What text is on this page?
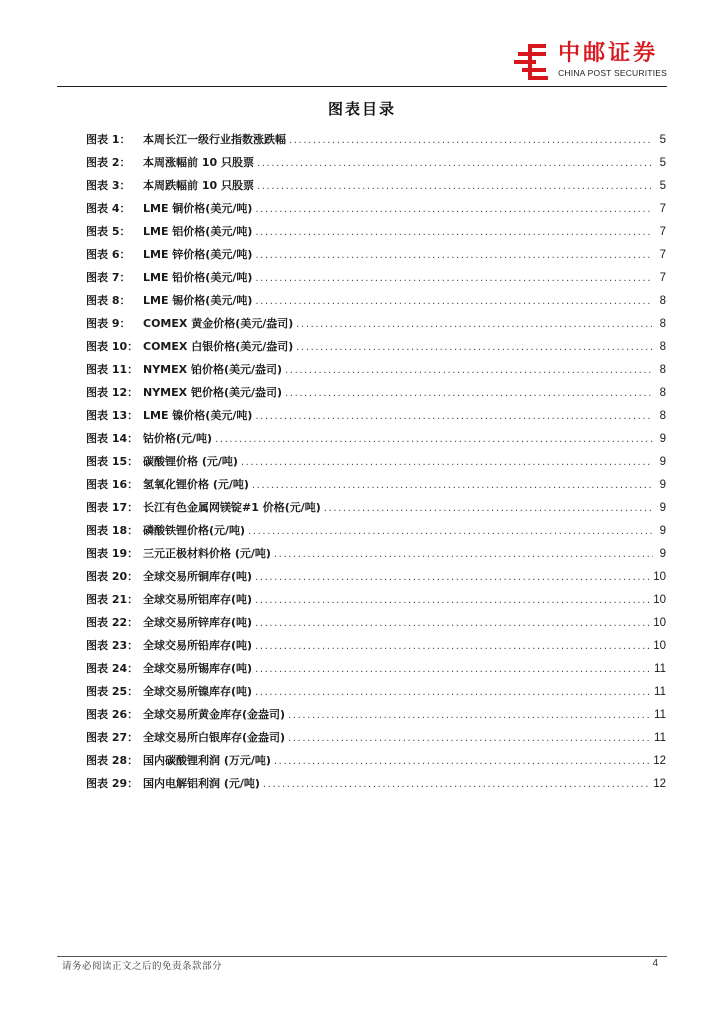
中邮证券
CHINA POST SECURITIES
图表目录
图表 1：	本周长江一级行业指数涨跌幅 .....	5
图表 2：	本周涨幅前 10 只股票 .....	5
图表 3：	本周跌幅前 10 只股票 .....	5
图表 4：	LME 铜价格(美元/吨) .....	7
图表 5：	LME 铝价格(美元/吨) .....	7
图表 6：	LME 锌价格(美元/吨) .....	7
图表 7：	LME 铅价格(美元/吨) .....	7
图表 8：	LME 锡价格(美元/吨) .....	8
图表 9：	COMEX 黄金价格(美元/盎司) .....	8
图表 10： COMEX 白银价格(美元/盎司) .....	8
图表 11： NYMEX 铂价格(美元/盎司) .....	8
图表 12： NYMEX 钯价格(美元/盎司) .....	8
图表 13： LME 镍价格(美元/吨) .....	8
图表 14： 钴价格(元/吨) .....	9
图表 15： 碳酸锂价格 (元/吨) .....	9
图表 16： 氢氧化锂价格 (元/吨) .....	9
图表 17： 长江有色金属网镁锭#1 价格(元/吨) .....	9
图表 18： 磷酸铁锂价格(元/吨) .....	9
图表 19： 三元正极材料价格 (元/吨) .....	9
图表 20： 全球交易所铜库存(吨) .....	10
图表 21： 全球交易所铝库存(吨) .....	10
图表 22： 全球交易所锌库存(吨) .....	10
图表 23： 全球交易所铅库存(吨) .....	10
图表 24： 全球交易所锡库存(吨) .....	11
图表 25： 全球交易所镍库存(吨) .....	11
图表 26： 全球交易所黄金库存(金盎司) .....	11
图表 27： 全球交易所白银库存(金盎司) .....	11
图表 28： 国内碳酸锂利润 (万元/吨) .....	12
图表 29： 国内电解铝利润 (元/吨) .....	12
请务必阅读正文之后的免责条款部分	4
